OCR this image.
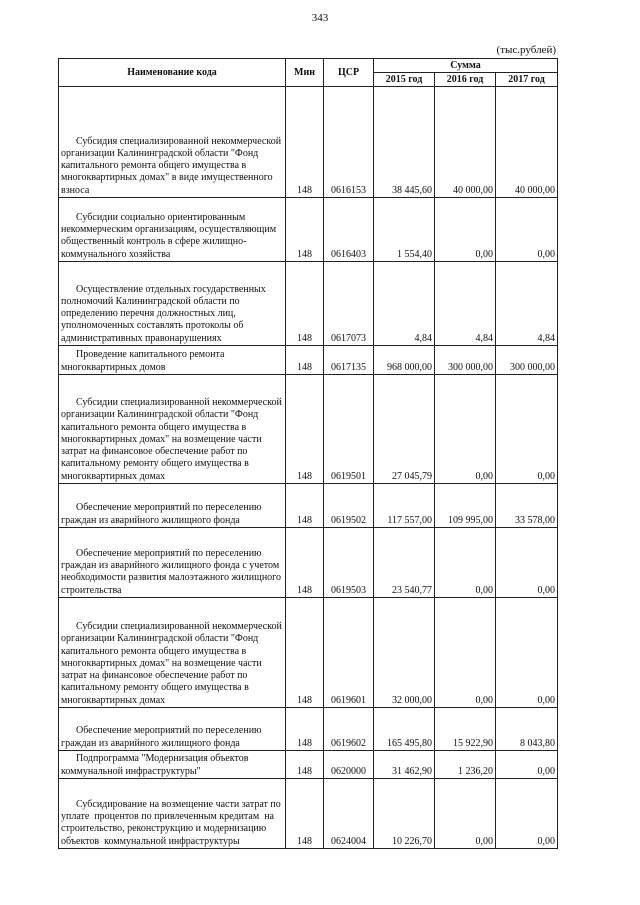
343
(тыс.рублей)
Наименование кода	Мин	ЦСР	Сумма		
			2015 год	2016 год	2017 год

Субсидия специализированной некоммерческой организации Калининградской области "Фонд капитального ремонта общего имущества в многоквартирных домах" в виде имущественного взноса	148	0616153	38 445,60	40 000,00	40 000,00

Субсидии социально ориентированным некоммерческим организациям, осуществляющим общественный контроль в сфере жилищно-коммунального хозяйства	148	0616403	1 554,40	0,00	0,00
Осуществление отдельных государственных  полномочий Калининградской области по  определению перечня должностных лиц, уполномоченных составлять протоколы об административных правонарушениях	148	0617073	4,84	4,84	4,84
Проведение капитального ремонта многоквартирных домов	148	0617135	968 000,00	300 000,00	300 000,00

Субсидии специализированной некоммерческой организации Калининградской области "Фонд капитального ремонта общего имущества в многоквартирных домах" на возмещение части затрат на финансовое обеспечение работ по капитальному ремонту общего имущества в многоквартирных домах	148	0619501	27 045,79	0,00	0,00
Обеспечение мероприятий по переселению граждан из аварийного жилищного фонда	148	0619502	117 557,00	109 995,00	33 578,00
Обеспечение мероприятий по переселению граждан из аварийного жилищного фонда с учетом необходимости развития малоэтажного жилищного строительства	148	0619503	23 540,77	0,00	0,00

Субсидии специализированной некоммерческой организации Калининградской области "Фонд капитального ремонта общего имущества в многоквартирных домах" на возмещение части затрат на финансовое обеспечение работ по капитальному ремонту общего имущества в многоквартирных домах	148	0619601	32 000,00	0,00	0,00
Обеспечение мероприятий по переселению граждан из аварийного жилищного фонда	148	0619602	165 495,80	15 922,90	8 043,80
Подпрограмма "Модернизация объектов коммунальной инфраструктуры"	148	0620000	31 462,90	1 236,20	0,00
Субсидирование на возмещение части затрат по уплате  процентов по привлеченным кредитам  на строительство, реконструкцию и модернизацию объектов  коммунальной инфраструктуры	148	0624004	10 226,70	0,00	0,00
